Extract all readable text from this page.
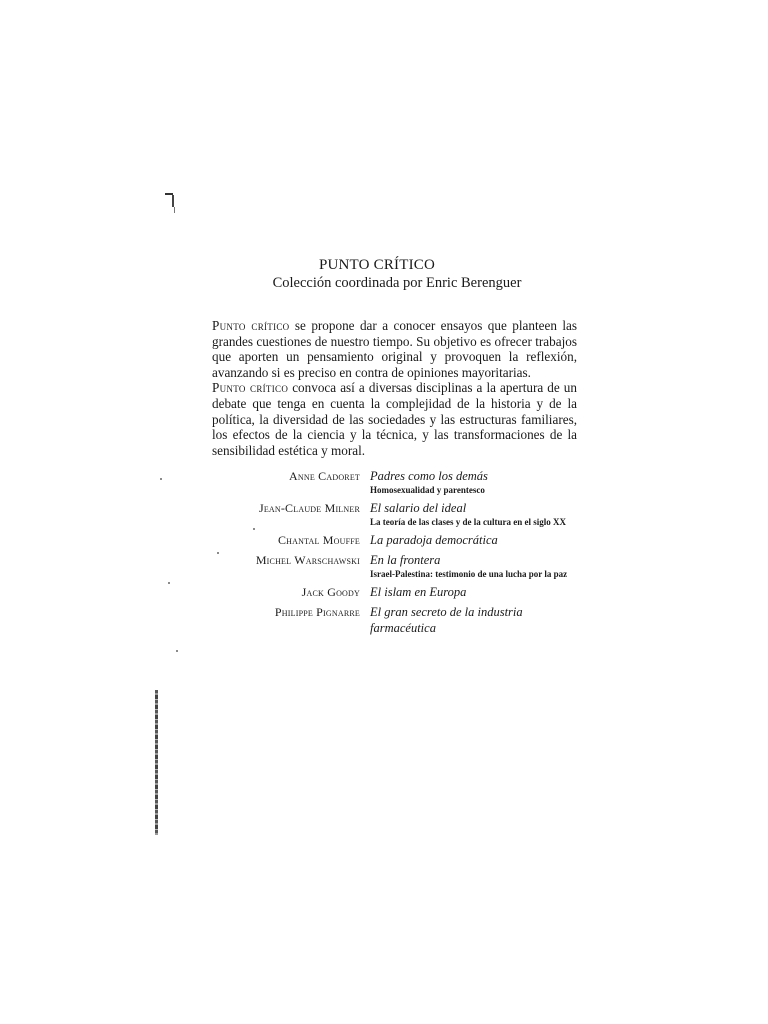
PUNTO CRÍTICO
Colección coordinada por Enric Berenguer

Punto crítico se propone dar a conocer ensayos que planteen las grandes cuestiones de nuestro tiempo. Su objetivo es ofrecer trabajos que aporten un pensamiento original y provoquen la reflexión, avanzando si es preciso en contra de opiniones mayoritarias.

Punto crítico convoca así a diversas disciplinas a la apertura de un debate que tenga en cuenta la complejidad de la historia y de la política, la diversidad de las sociedades y las estructuras familiares, los efectos de la ciencia y la técnica, y las transformaciones de la sensibilidad estética y moral.

Anne Cadoret Padres como los demás
Homosexualidad y parentesco
Jean-Claude Milner El salario del ideal
La teoría de las clases y de la cultura en el siglo XX
Chantal Mouffe La paradoja democrática
Michel Warschawski En la frontera
Israel-Palestina: testimonio de una lucha por la paz
Jack Goody El islam en Europa
Philippe Pignarre El gran secreto de la industria farmacéutica
